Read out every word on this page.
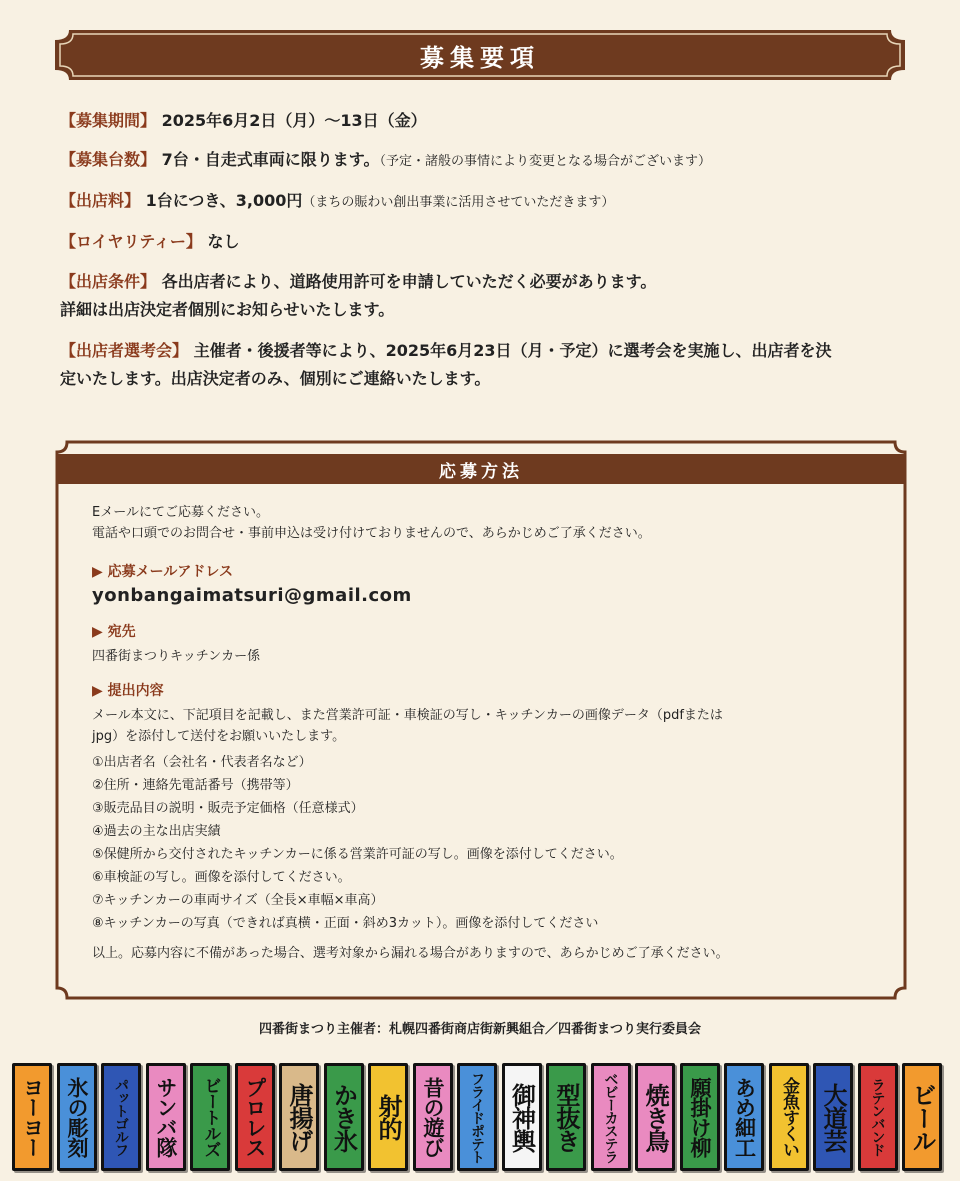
募集要項
【募集期間】 2025年6月2日（月）～13日（金）
【募集台数】 7台・自走式車両に限ります。（予定・諸般の事情により変更となる場合がございます）
【出店料】 1台につき、3,000円（まちの賑わい創出事業に活用させていただきます）
【ロイヤリティー】 なし
【出店条件】 各出店者により、道路使用許可を申請していただく必要があります。
詳細は出店決定者個別にお知らせいたします。
【出店者選考会】 主催者・後援者等により、2025年6月23日（月・予定）に選考会を実施し、出店者を決
定いたします。出店決定者のみ、個別にご連絡いたします。
応募方法
Eメールにてご応募ください。
電話や口頭でのお問合せ・事前申込は受け付けておりませんので、あらかじめご了承ください。
▶ 応募メールアドレス
yonbangaimatsuri@gmail.com
▶ 宛先
四番街まつりキッチンカー係
▶ 提出内容
メール本文に、下記項目を記載し、また営業許可証・車検証の写し・キッチンカーの画像データ（pdfまたは
jpg）を添付して送付をお願いいたします。
①出店者名（会社名・代表者名など）
②住所・連絡先電話番号（携帯等）
③販売品目の説明・販売予定価格（任意様式）
④過去の主な出店実績
⑤保健所から交付されたキッチンカーに係る営業許可証の写し。画像を添付してください。
⑥車検証の写し。画像を添付してください。
⑦キッチンカーの車両サイズ（全長×車幅×車高）
⑧キッチンカーの写真（できれば真横・正面・斜め3カット）。画像を添付してください
以上。応募内容に不備があった場合、選考対象から漏れる場合がありますので、あらかじめご了承ください。
四番街まつり主催者：札幌四番街商店街新興組合／四番街まつり実行委員会
ヨーヨー 氷の彫刻 パットゴルフ サンバ隊 ビートルズ プロレス 唐揚げ かき氷 射的 昔の遊び フライドポテト 御神輿 型抜き ベビーカステラ 焼き鳥 願掛け柳 あめ細工 金魚すくい 大道芸 ラテンバンド ビール
